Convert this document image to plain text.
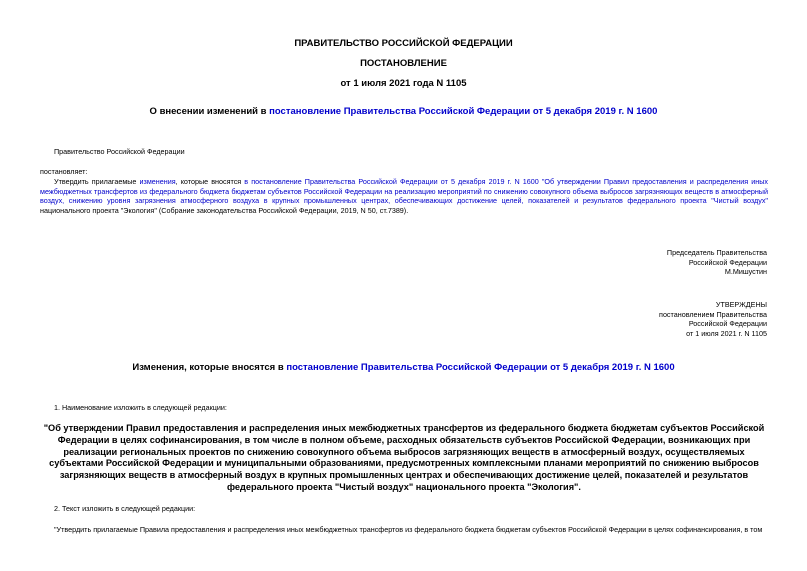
ПРАВИТЕЛЬСТВО РОССИЙСКОЙ ФЕДЕРАЦИИ
ПОСТАНОВЛЕНИЕ
от 1 июля 2021 года N 1105
О внесении изменений в постановление Правительства Российской Федерации от 5 декабря 2019 г. N 1600
Правительство Российской Федерации
постановляет:
Утвердить прилагаемые изменения, которые вносятся в постановление Правительства Российской Федерации от 5 декабря 2019 г. N 1600 "Об утверждении Правил предоставления и распределения иных межбюджетных трансфертов из федерального бюджета бюджетам субъектов Российской Федерации на реализацию мероприятий по снижению совокупного объема выбросов загрязняющих веществ в атмосферный воздух, снижению уровня загрязнения атмосферного воздуха в крупных промышленных центрах, обеспечивающих достижение целей, показателей и результатов федерального проекта "Чистый воздух" национального проекта "Экология" (Собрание законодательства Российской Федерации, 2019, N 50, ст.7389).
Председатель Правительства
Российской Федерации
М.Мишустин
УТВЕРЖДЕНЫ
постановлением Правительства
Российской Федерации
от 1 июля 2021 г. N 1105
Изменения, которые вносятся в постановление Правительства Российской Федерации от 5 декабря 2019 г. N 1600
1. Наименование изложить в следующей редакции:
"Об утверждении Правил предоставления и распределения иных межбюджетных трансфертов из федерального бюджета бюджетам субъектов Российской Федерации в целях софинансирования, в том числе в полном объеме, расходных обязательств субъектов Российской Федерации, возникающих при реализации региональных проектов по снижению совокупного объема выбросов загрязняющих веществ в атмосферный воздух, осуществляемых субъектами Российской Федерации и муниципальными образованиями, предусмотренных комплексными планами мероприятий по снижению выбросов загрязняющих веществ в атмосферный воздух в крупных промышленных центрах и обеспечивающих достижение целей, показателей и результатов федерального проекта "Чистый воздух" национального проекта "Экология".
2. Текст изложить в следующей редакции:
"Утвердить прилагаемые Правила предоставления и распределения иных межбюджетных трансфертов из федерального бюджета бюджетам субъектов Российской Федерации в целях софинансирования, в том
